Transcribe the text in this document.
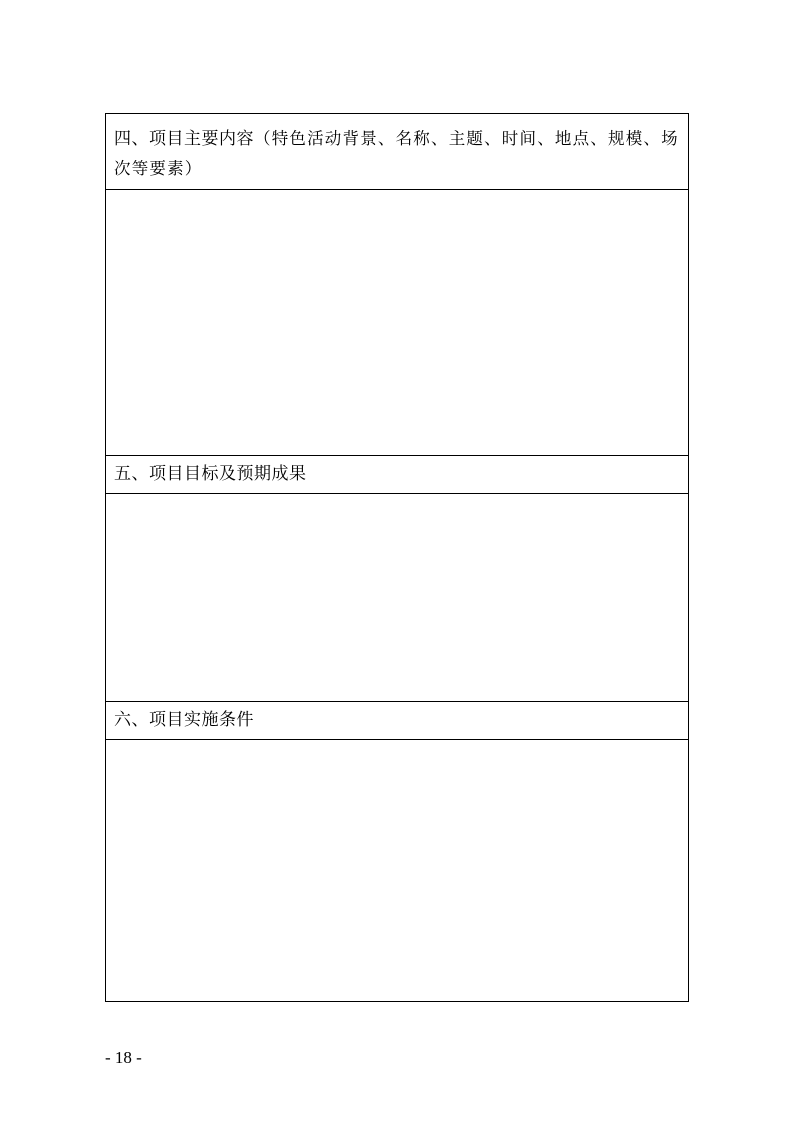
四、项目主要内容（特色活动背景、名称、主题、时间、地点、规模、场次等要素）
五、项目目标及预期成果
六、项目实施条件
- 18 -
